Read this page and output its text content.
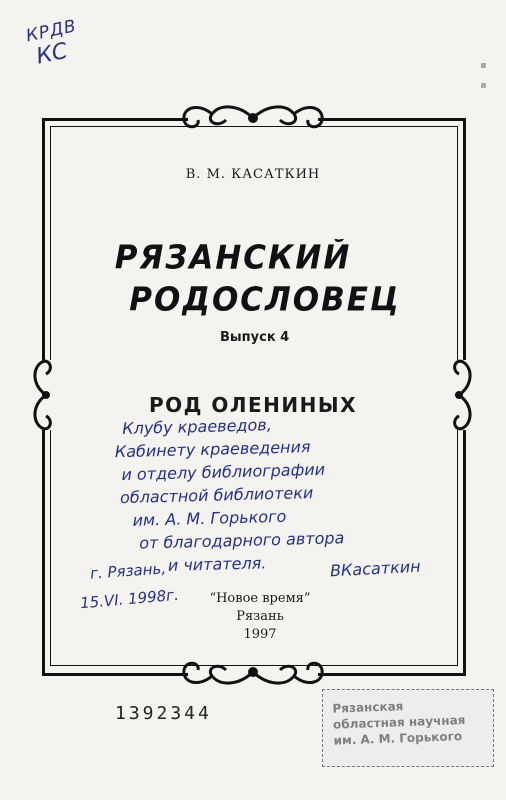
КРДВ
КС	▪
▪
В. М. КАСАТКИН
РЯЗАНСКИЙ
РОДОСЛОВЕЦ
Выпуск 4
РОД ОЛЕНИНЫХ
Клубу краеведов,
Кабинету краеведения
и отделу библиографии
областной библиотеки
им. А. М. Горького
от благодарного автора
и читателя.	ВКасаткин
г. Рязань,
15.VI. 1998г.	“Новое время”
Рязань
1997
1392344	Рязанская
областная научная
им. А. М. Горького
